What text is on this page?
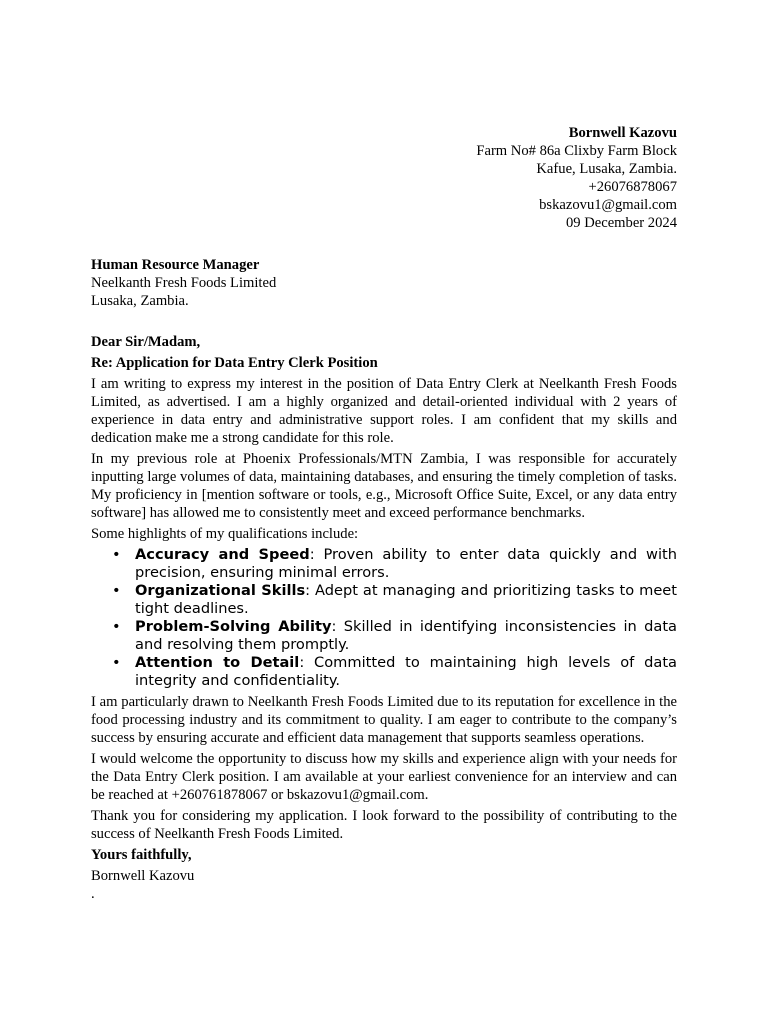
Bornwell Kazovu
Farm No# 86a Clixby Farm Block
Kafue, Lusaka, Zambia.
+26076878067
bskazovu1@gmail.com
09 December 2024
Human Resource Manager
Neelkanth Fresh Foods Limited
Lusaka, Zambia.
Dear Sir/Madam,
Re: Application for Data Entry Clerk Position

I am writing to express my interest in the position of Data Entry Clerk at Neelkanth Fresh Foods Limited, as advertised. I am a highly organized and detail-oriented individual with 2 years of experience in data entry and administrative support roles. I am confident that my skills and dedication make me a strong candidate for this role.

In my previous role at Phoenix Professionals/MTN Zambia, I was responsible for accurately inputting large volumes of data, maintaining databases, and ensuring the timely completion of tasks. My proficiency in [mention software or tools, e.g., Microsoft Office Suite, Excel, or any data entry software] has allowed me to consistently meet and exceed performance benchmarks.

Some highlights of my qualifications include:

• Accuracy and Speed: Proven ability to enter data quickly and with precision, ensuring minimal errors.
• Organizational Skills: Adept at managing and prioritizing tasks to meet tight deadlines.
• Problem-Solving Ability: Skilled in identifying inconsistencies in data and resolving them promptly.
• Attention to Detail: Committed to maintaining high levels of data integrity and confidentiality.

I am particularly drawn to Neelkanth Fresh Foods Limited due to its reputation for excellence in the food processing industry and its commitment to quality. I am eager to contribute to the company’s success by ensuring accurate and efficient data management that supports seamless operations.

I would welcome the opportunity to discuss how my skills and experience align with your needs for the Data Entry Clerk position. I am available at your earliest convenience for an interview and can be reached at +260761878067 or bskazovu1@gmail.com.

Thank you for considering my application. I look forward to the possibility of contributing to the success of Neelkanth Fresh Foods Limited.

Yours faithfully,
Bornwell Kazovu
.
